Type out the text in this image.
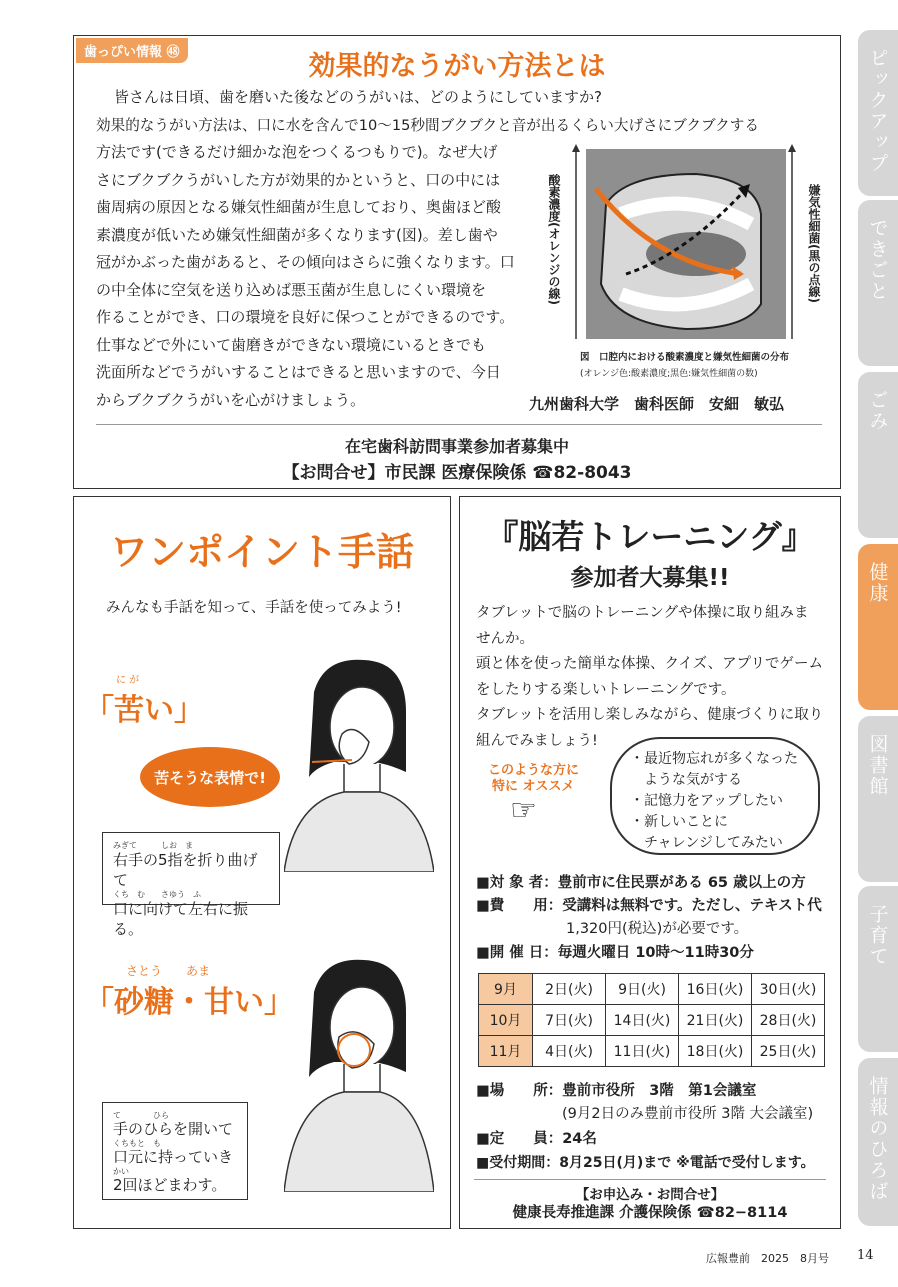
ピックアップ
できごと
ごみ
健康
図書館
子育て
情報のひろば
歯っぴい情報 ㊽	効果的なうがい方法とは
皆さんは日頃、歯を磨いた後などのうがいは、どのようにしていますか?
効果的なうがい方法は、口に水を含んで10～15秒間ブクブクと音が出るくらい大げさにブクブクする
方法です(できるだけ細かな泡をつくるつもりで)。なぜ大げ
さにブクブクうがいした方が効果的かというと、口の中には
歯周病の原因となる嫌気性細菌が生息しており、奥歯ほど酸
素濃度が低いため嫌気性細菌が多くなります(図)。差し歯や
冠がかぶった歯があると、その傾向はさらに強くなります。口
の中全体に空気を送り込めば悪玉菌が生息しにくい環境を
作ることができ、口の環境を良好に保つことができるのです。
仕事などで外にいて歯磨きができない環境にいるときでも
洗面所などでうがいすることはできると思いますので、今日
からブクブクうがいを心がけましょう。	九州歯科大学　歯科医師　安細　敏弘
酸素濃度(オレンジの線)	嫌気性細菌(黒の点線)
図　口腔内における酸素濃度と嫌気性細菌の分布
(オレンジ色:酸素濃度;黒色:嫌気性細菌の数)
在宅歯科訪問事業参加者募集中
【お問合せ】市民課 医療保険係 ☎82-8043
ワンポイント手話
みんなも手話を知って、手話を使ってみよう!
に が
「苦い」
苦そうな表情で!
みぎて　　　しお　ま
右手の5指を折り曲げて
くち　む　　さゆう　ふ
口に向けて左右に振る。
さとう　　あま
「砂糖・甘い」
て　　　　ひら
手のひらを開いて
くちもと　も
口元に持っていき
かい
2回ほどまわす。
『脳若トレーニング』
参加者大募集!!
タブレットで脳のトレーニングや体操に取り組みま
せんか。
頭と体を使った簡単な体操、クイズ、アプリでゲーム
をしたりする楽しいトレーニングです。
タブレットを活用し楽しみながら、健康づくりに取り
組んでみましょう!
このような方に
特に オススメ
☞
・最近物忘れが多くなった
　ような気がする
・記憶力をアップしたい
・新しいことに
　チャレンジしてみたい
■対 象 者：豊前市に住民票がある 65 歳以上の方
■費　　用：受講料は無料です。ただし、テキスト代
1,320円(税込)が必要です。
■開 催 日：毎週火曜日 10時～11時30分
9月	2日(火)	9日(火)	16日(火)	30日(火)
10月	7日(火)	14日(火)	21日(火)	28日(火)
11月	4日(火)	11日(火)	18日(火)	25日(火)
■場　　所：豊前市役所　3階　第1会議室
(9月2日のみ豊前市役所 3階 大会議室)
■定　　員：24名
■受付期間：8月25日(月)まで ※電話で受付します。
【お申込み・お問合せ】
健康長寿推進課 介護保険係 ☎82−8114
広報豊前　2025　8月号 14
